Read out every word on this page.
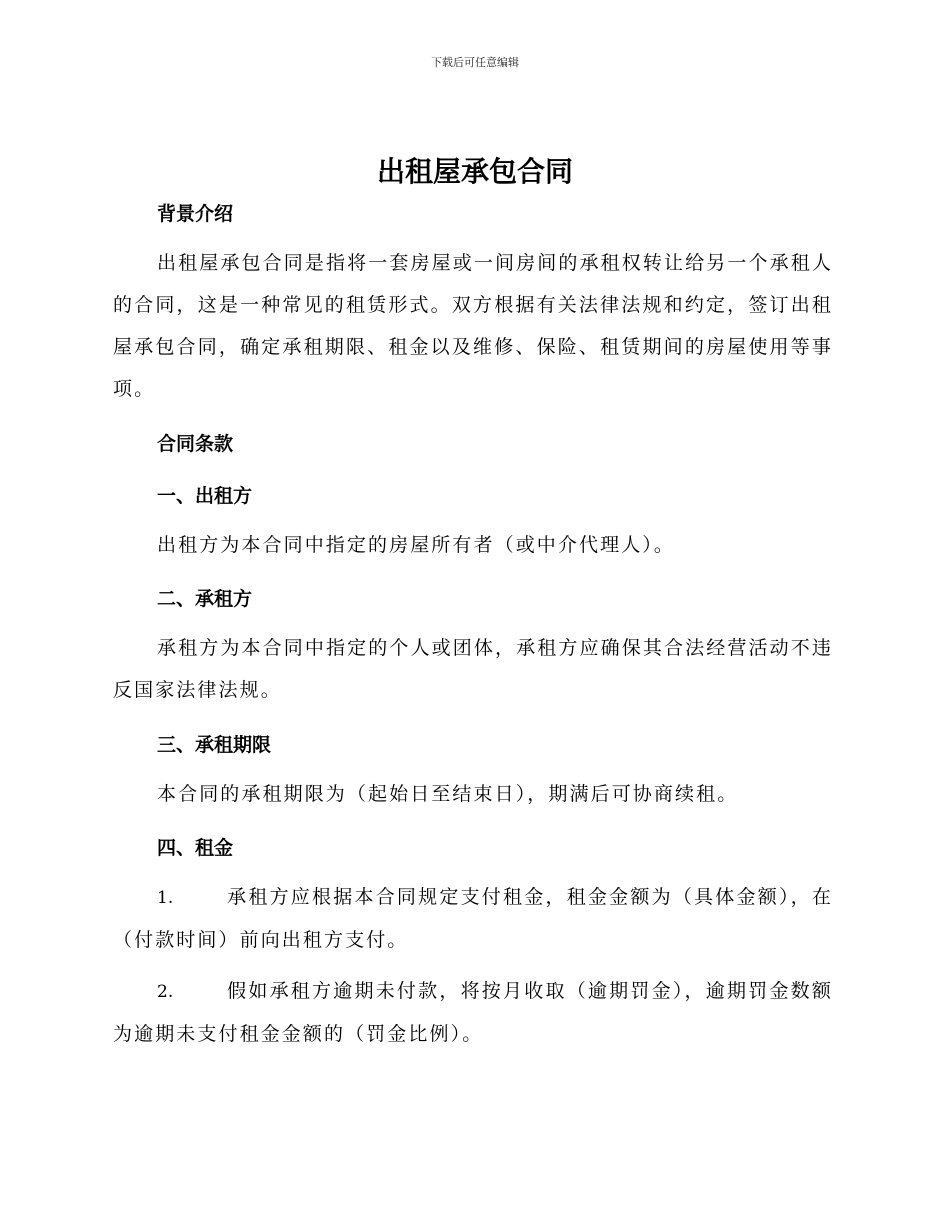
下载后可任意编辑
出租屋承包合同
背景介绍

出租屋承包合同是指将一套房屋或一间房间的承租权转让给另一个承租人的合同，这是一种常见的租赁形式。双方根据有关法律法规和约定，签订出租屋承包合同，确定承租期限、租金以及维修、保险、租赁期间的房屋使用等事项。

合同条款
一、出租方

出租方为本合同中指定的房屋所有者（或中介代理人）。

二、承租方

承租方为本合同中指定的个人或团体，承租方应确保其合法经营活动不违反国家法律法规。

三、承租期限

本合同的承租期限为（起始日至结束日），期满后可协商续租。

四、租金

1.	承租方应根据本合同规定支付租金，租金金额为（具体金额），在（付款时间）前向出租方支付。

2.	假如承租方逾期未付款，将按月收取（逾期罚金），逾期罚金数额为逾期未支付租金金额的（罚金比例）。
